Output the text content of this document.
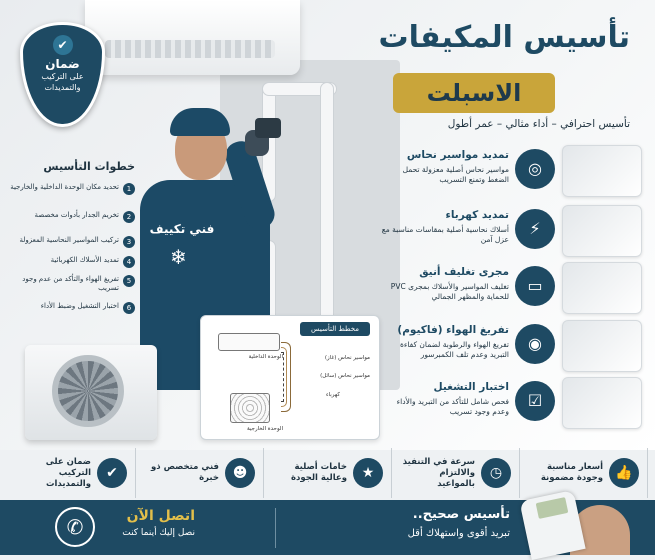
فني تكييف
❄
✔
ضمان
على التركيب
والتمديدات
خطوات التأسيس
1
تحديد مكان الوحدة الداخلية والخارجية
2
تخريم الجدار بأدوات مخصصة
3
تركيب المواسير النحاسية المعزولة
4
تمديد الأسلاك الكهربائية
5
تفريغ الهواء والتأكد من عدم وجود تسريب
6
اختبار التشغيل وضبط الأداء
مخطط التأسيس
الوحدة الداخلية
الوحدة الخارجية
مواسير نحاس (غاز)
مواسير نحاس (سائل)
كهرباء
تأسيس المكيفات
الاسبلت
تأسيس احترافي – أداء مثالي – عمر أطول
◎
تمديد مواسير نحاس
مواسير نحاس أصلية معزولة تحمل الضغط وتمنع التسريب
⚡
تمديد كهرباء
أسلاك نحاسية أصلية بمقاسات مناسبة مع عزل آمن
▭
مجرى تغليف أنيق
تغليف المواسير والأسلاك بمجرى PVC للحماية والمظهر الجمالي
◉
تفريغ الهواء (فاكيوم)
تفريغ الهواء والرطوبة لضمان كفاءة التبريد وعدم تلف الكمبرسور
☑
اختبار التشغيل
فحص شامل للتأكد من التبريد والأداء وعدم وجود تسريب
👍
أسعار مناسبة وجودة مضمونة
◷
سرعة في التنفيذ والالتزام بالمواعيد
★
خامات أصلية وعالية الجودة
☻
فني متخصص ذو خبرة
✔
ضمان على التركيب والتمديدات
✆	اتصل الآن
نصل إليك أينما كنت
تأسيس صحيح..
تبريد أقوى واستهلاك أقل
